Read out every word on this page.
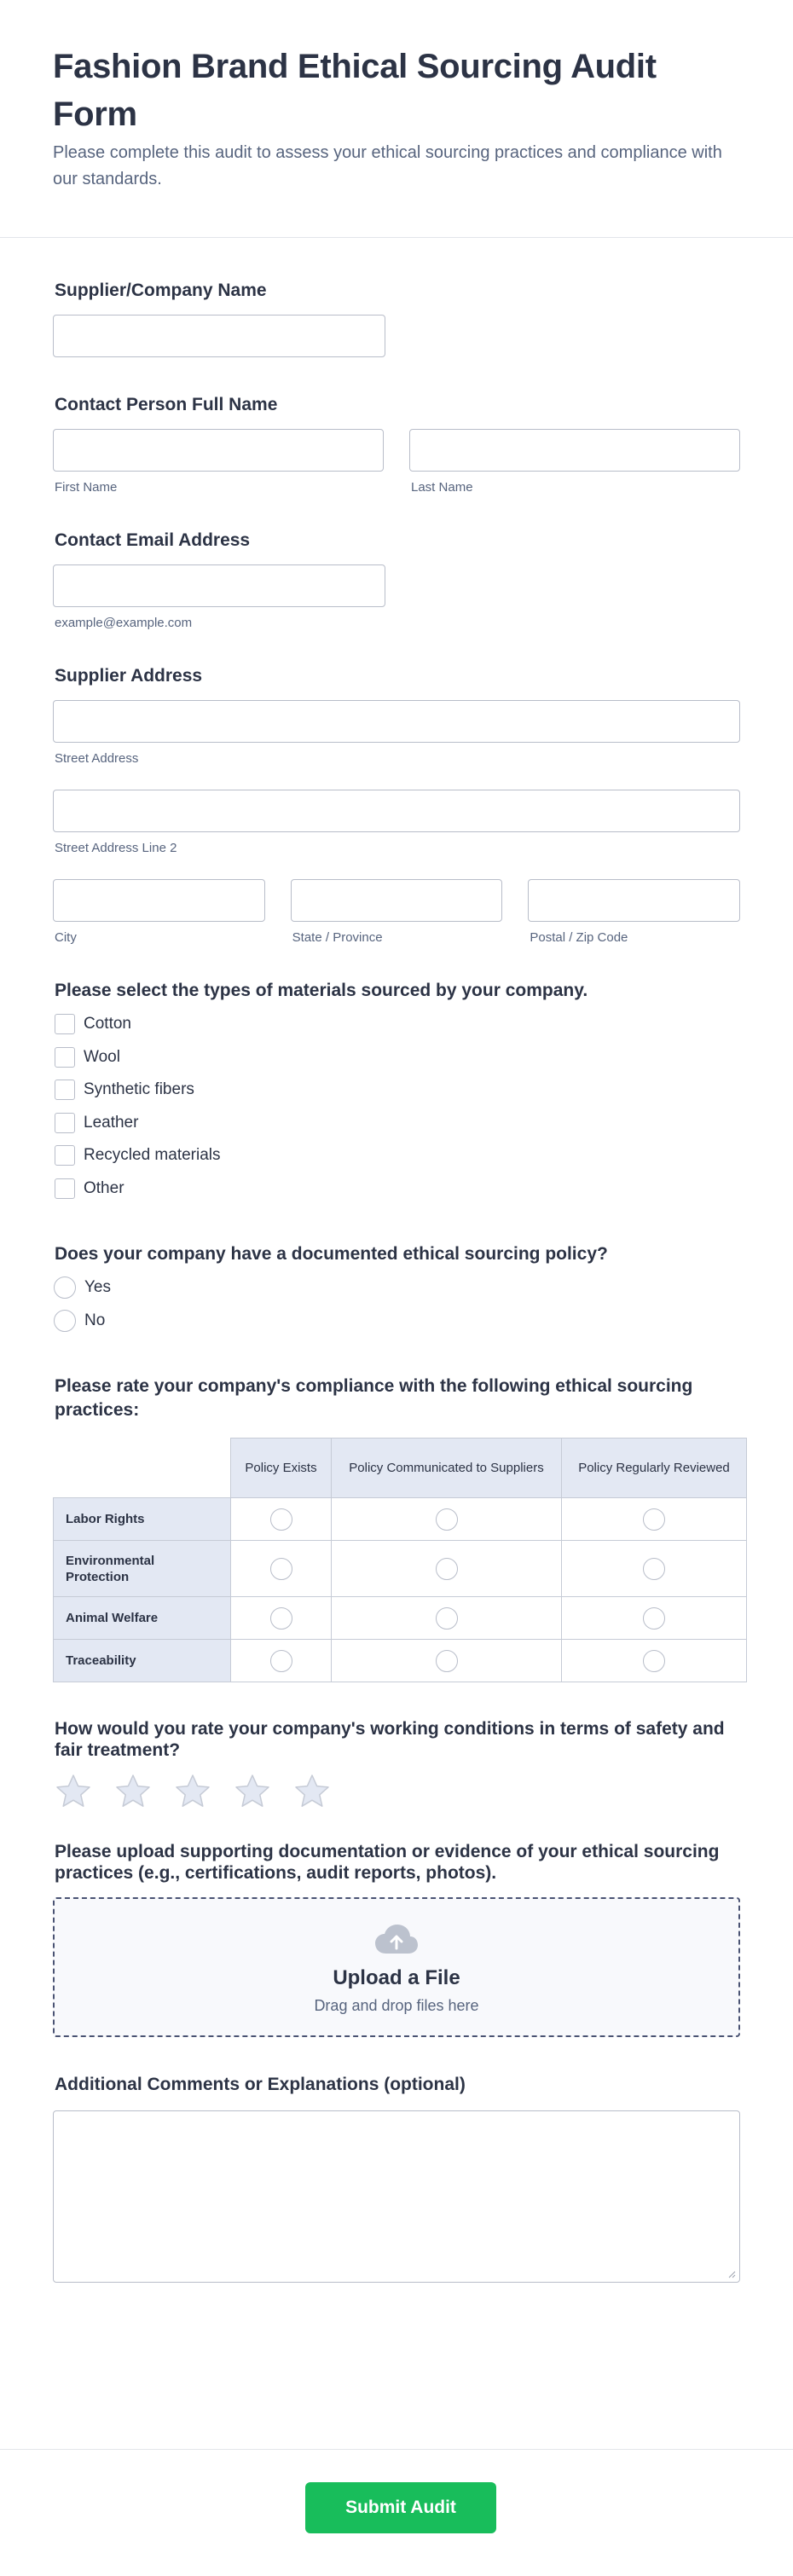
Fashion Brand Ethical Sourcing Audit Form

Please complete this audit to assess your ethical sourcing practices and compliance with our standards.

Supplier/Company Name
Contact Person Full Name
First Name	Last Name
Contact Email Address
example@example.com
Supplier Address
Street Address
Street Address Line 2
City	State / Province	Postal / Zip Code
Please select the types of materials sourced by your company.
Cotton
Wool
Synthetic fibers
Leather
Recycled materials
Other
Does your company have a documented ethical sourcing policy?
Yes
No
Please rate your company's compliance with the following ethical sourcing practices:
	Policy Exists	Policy Communicated to Suppliers	Policy Regularly Reviewed
Labor Rights			
Environmental Protection			
Animal Welfare			
Traceability			
How would you rate your company's working conditions in terms of safety and fair treatment?
Please upload supporting documentation or evidence of your ethical sourcing practices (e.g., certifications, audit reports, photos).
Upload a File
Drag and drop files here
Additional Comments or Explanations (optional)
Submit Audit
